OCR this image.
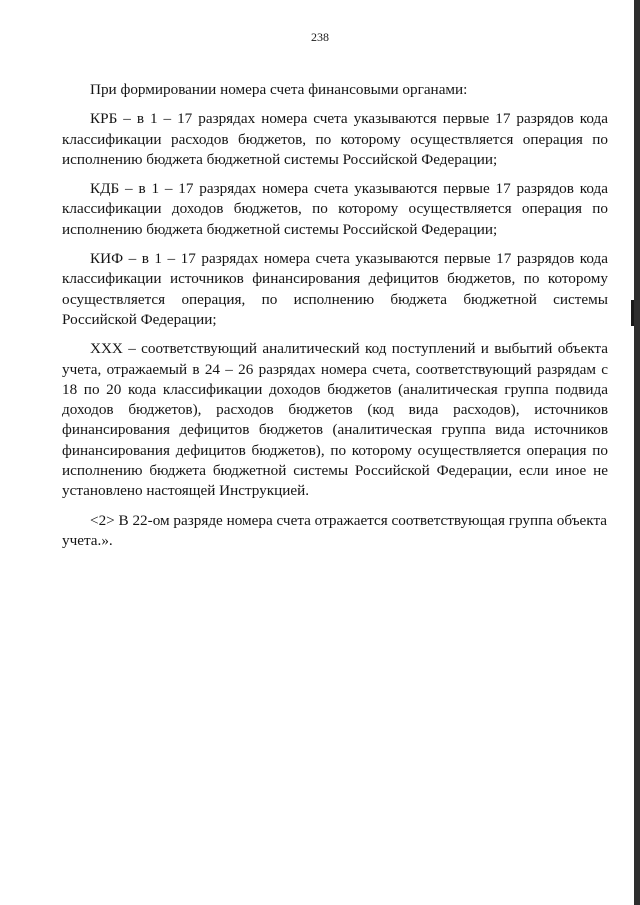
238

При формировании номера счета финансовыми органами:

КРБ – в 1 – 17 разрядах номера счета указываются первые 17 разрядов кода классификации расходов бюджетов, по которому осуществляется операция по исполнению бюджета бюджетной системы Российской Федерации;

КДБ – в 1 – 17 разрядах номера счета указываются первые 17 разрядов кода классификации доходов бюджетов, по которому осуществляется операция по исполнению бюджета бюджетной системы Российской Федерации;

КИФ – в 1 – 17 разрядах номера счета указываются первые 17 разрядов кода классификации источников финансирования дефицитов бюджетов, по которому осуществляется операция, по исполнению бюджета бюджетной системы Российской Федерации;

ХХХ – соответствующий аналитический код поступлений и выбытий объекта учета, отражаемый в 24 – 26 разрядах номера счета, соответствующий разрядам с 18 по 20 кода классификации доходов бюджетов (аналитическая группа подвида доходов бюджетов), расходов бюджетов (код вида расходов), источников финансирования дефицитов бюджетов (аналитическая группа вида источников финансирования дефицитов бюджетов), по которому осуществляется операция по исполнению бюджета бюджетной системы Российской Федерации, если иное не установлено настоящей Инструкцией.

<2> В 22-ом разряде номера счета отражается соответствующая группа объекта учета.».
